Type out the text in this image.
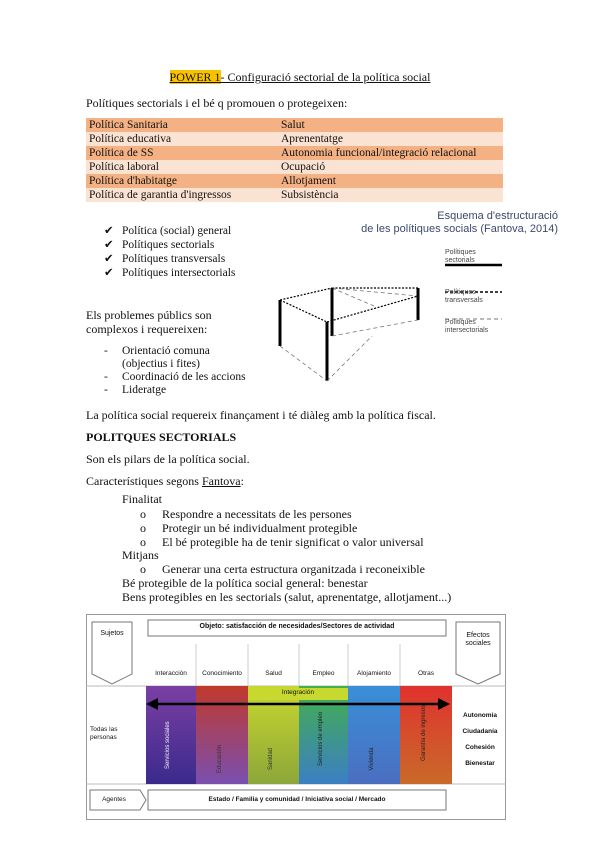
POWER 1- Configuració sectorial de la política social
Polítiques sectorials i el bé q promouen o protegeixen:
Política Sanitaria	Salut
Política educativa	Aprenentatge
Política de SS	Autonomia funcional/integració relacional
Política laboral	Ocupació
Política d'habitatge	Allotjament
Política de garantia d'ingressos	Subsistència
✔ Política (social) general
✔ Polítiques sectorials
✔ Polítiques transversals
✔ Polítiques intersectorials
Esquema d'estructuració
de les polítiques socials (Fantova, 2014)
Polítiques
sectorials
Polítiques
transversals
Polítiques
intersectorials
Els problemes públics son
complexos i requereixen:
- Orientació comuna
(objectius i fites)
- Coordinació de les accions
- Lideratge
La política social requereix finançament i té diàleg amb la política fiscal.
POLITQUES SECTORIALS
Son els pilars de la política social.
Característiques segons Fantova:
Finalitat
o Respondre a necessitats de les persones
o Protegir un bé individualment protegible
o El bé protegible ha de tenir significat o valor universal
Mitjans
o Generar una certa estructura organitzada i reconeixible
Bé protegible de la política social general: benestar
Bens protegibles en les sectorials (salut, aprenentatge, allotjament...)
Sujetos
Objeto: satisfacción de necesidades/Sectores de actividad
Efectos sociales
Interacción	Conocimiento	Salud	Empleo	Alojamiento	Otras
Integración
Todas las personas	Servicios sociales	Educación	Sanidad	Servicios de empleo	Vivienda	Garantía de ingresos	Autonomía
Ciudadanía
Cohesión
Bienestar
Agentes	Estado / Familia y comunidad / Iniciativa social / Mercado
